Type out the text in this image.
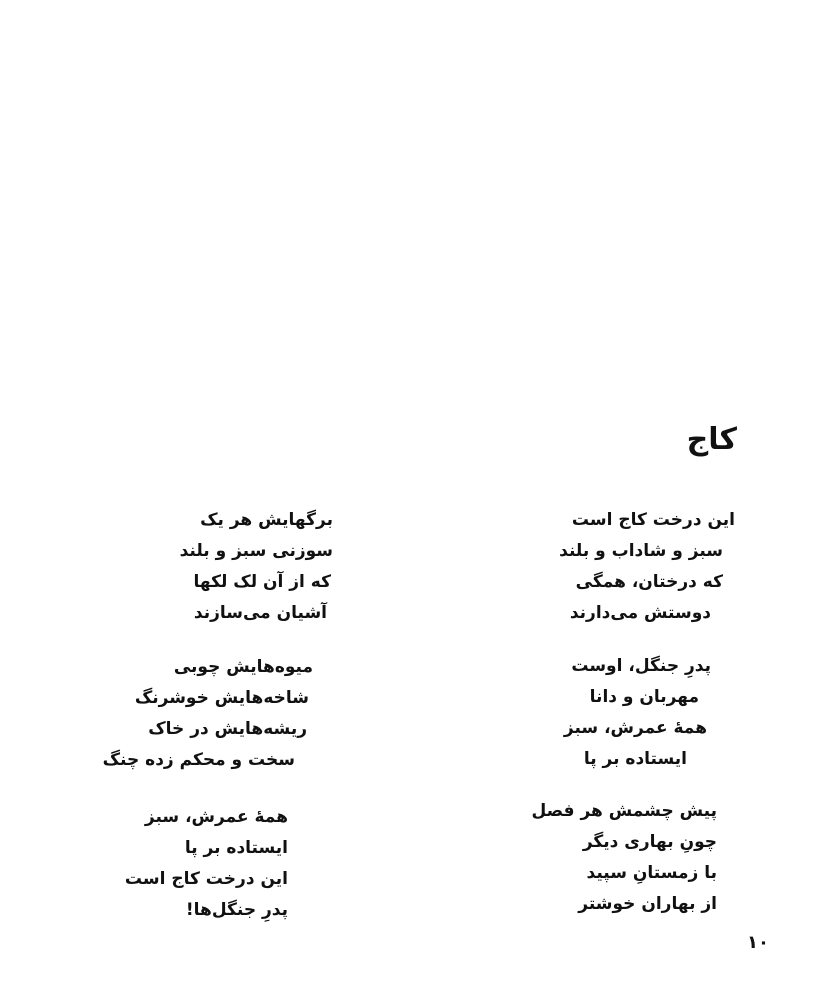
کاج
این درخت کاج است
سبز و شاداب و بلند
که درختان، همگی
دوستش می‌دارند
پدرِ جنگل، اوست
مهربان و دانا
همهٔ عمرش، سبز
ایستاده بر پا
پیش چشمش هر فصل
چونِ بهاری دیگر
با زمستانِ سپید
از بهاران خوشتر
برگهایش هر یک
سوزنی سبز و بلند
که از آن لک لکها
آشیان می‌سازند
میوه‌هایش چوبی
شاخه‌هایش خوشرنگ
ریشه‌هایش در خاک
سخت و محکم زده چنگ
همهٔ عمرش، سبز
ایستاده بر پا
این درخت کاج است
پدرِ جنگل‌ها!
۱۰
